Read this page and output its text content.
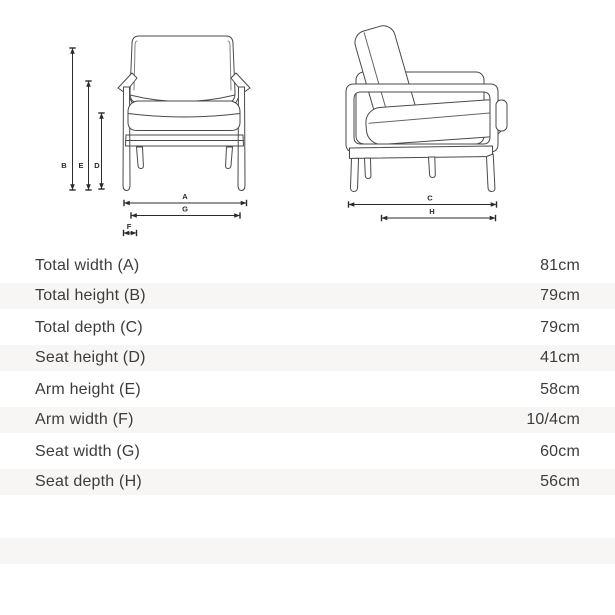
B E D
A
G
F
C
H
Total width (A)	81cm
Total height (B)	79cm
Total depth (C)	79cm
Seat height (D)	41cm
Arm height (E)	58cm
Arm width (F)	10/4cm
Seat width (G)	60cm
Seat depth (H)	56cm
